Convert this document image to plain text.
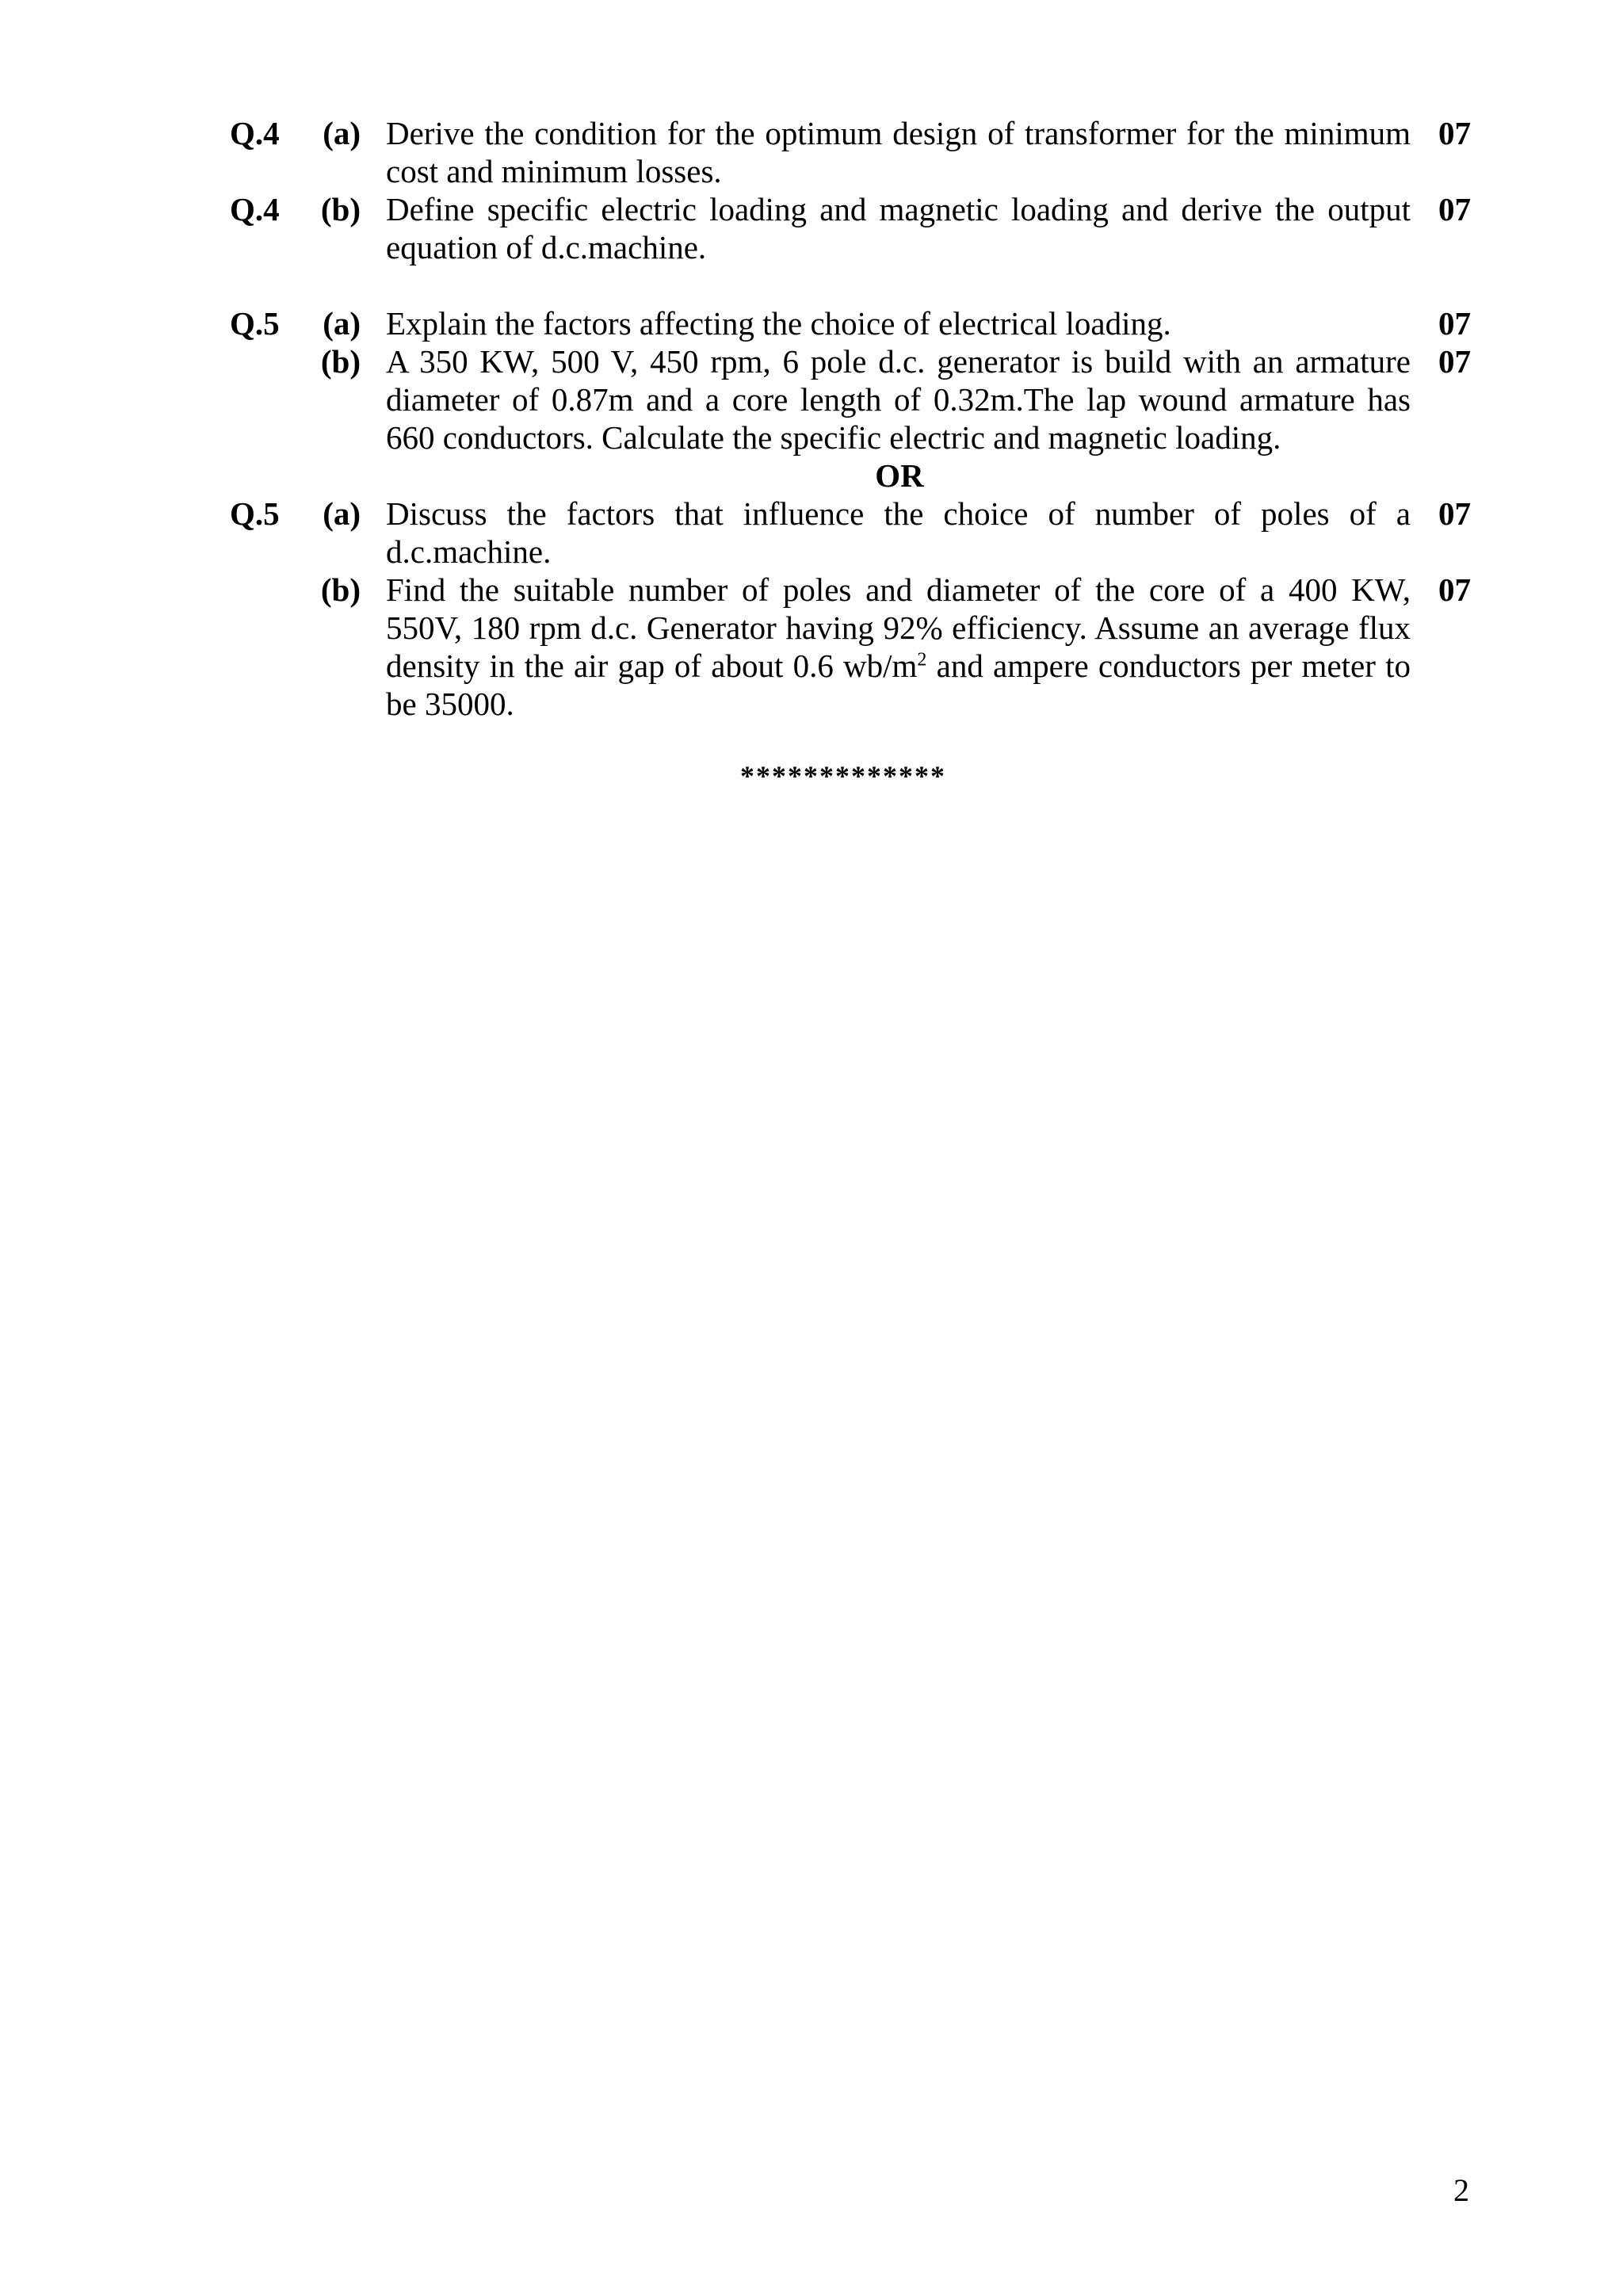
Q.4 (a) Derive the condition for the optimum design of transformer for the minimum cost and minimum losses.
07
Q.4 (b) Define specific electric loading and magnetic loading and derive the output equation of d.c.machine.
07
Q.5 (a) Explain the factors affecting the choice of electrical loading.	07
(b) A 350 KW, 500 V, 450 rpm, 6 pole d.c. generator is build with an armature diameter of 0.87m and a core length of 0.32m.The lap wound armature has 660 conductors. Calculate the specific electric and magnetic loading.
07
OR
Q.5 (a) Discuss the factors that influence the choice of number of poles of a d.c.machine.
07
(b) Find the suitable number of poles and diameter of the core of a 400 KW, 550V, 180 rpm d.c. Generator having 92% efficiency. Assume an average flux density in the air gap of about 0.6 $wb/m^2$ and ampere conductors per meter to be 35000.
07
*************
2
